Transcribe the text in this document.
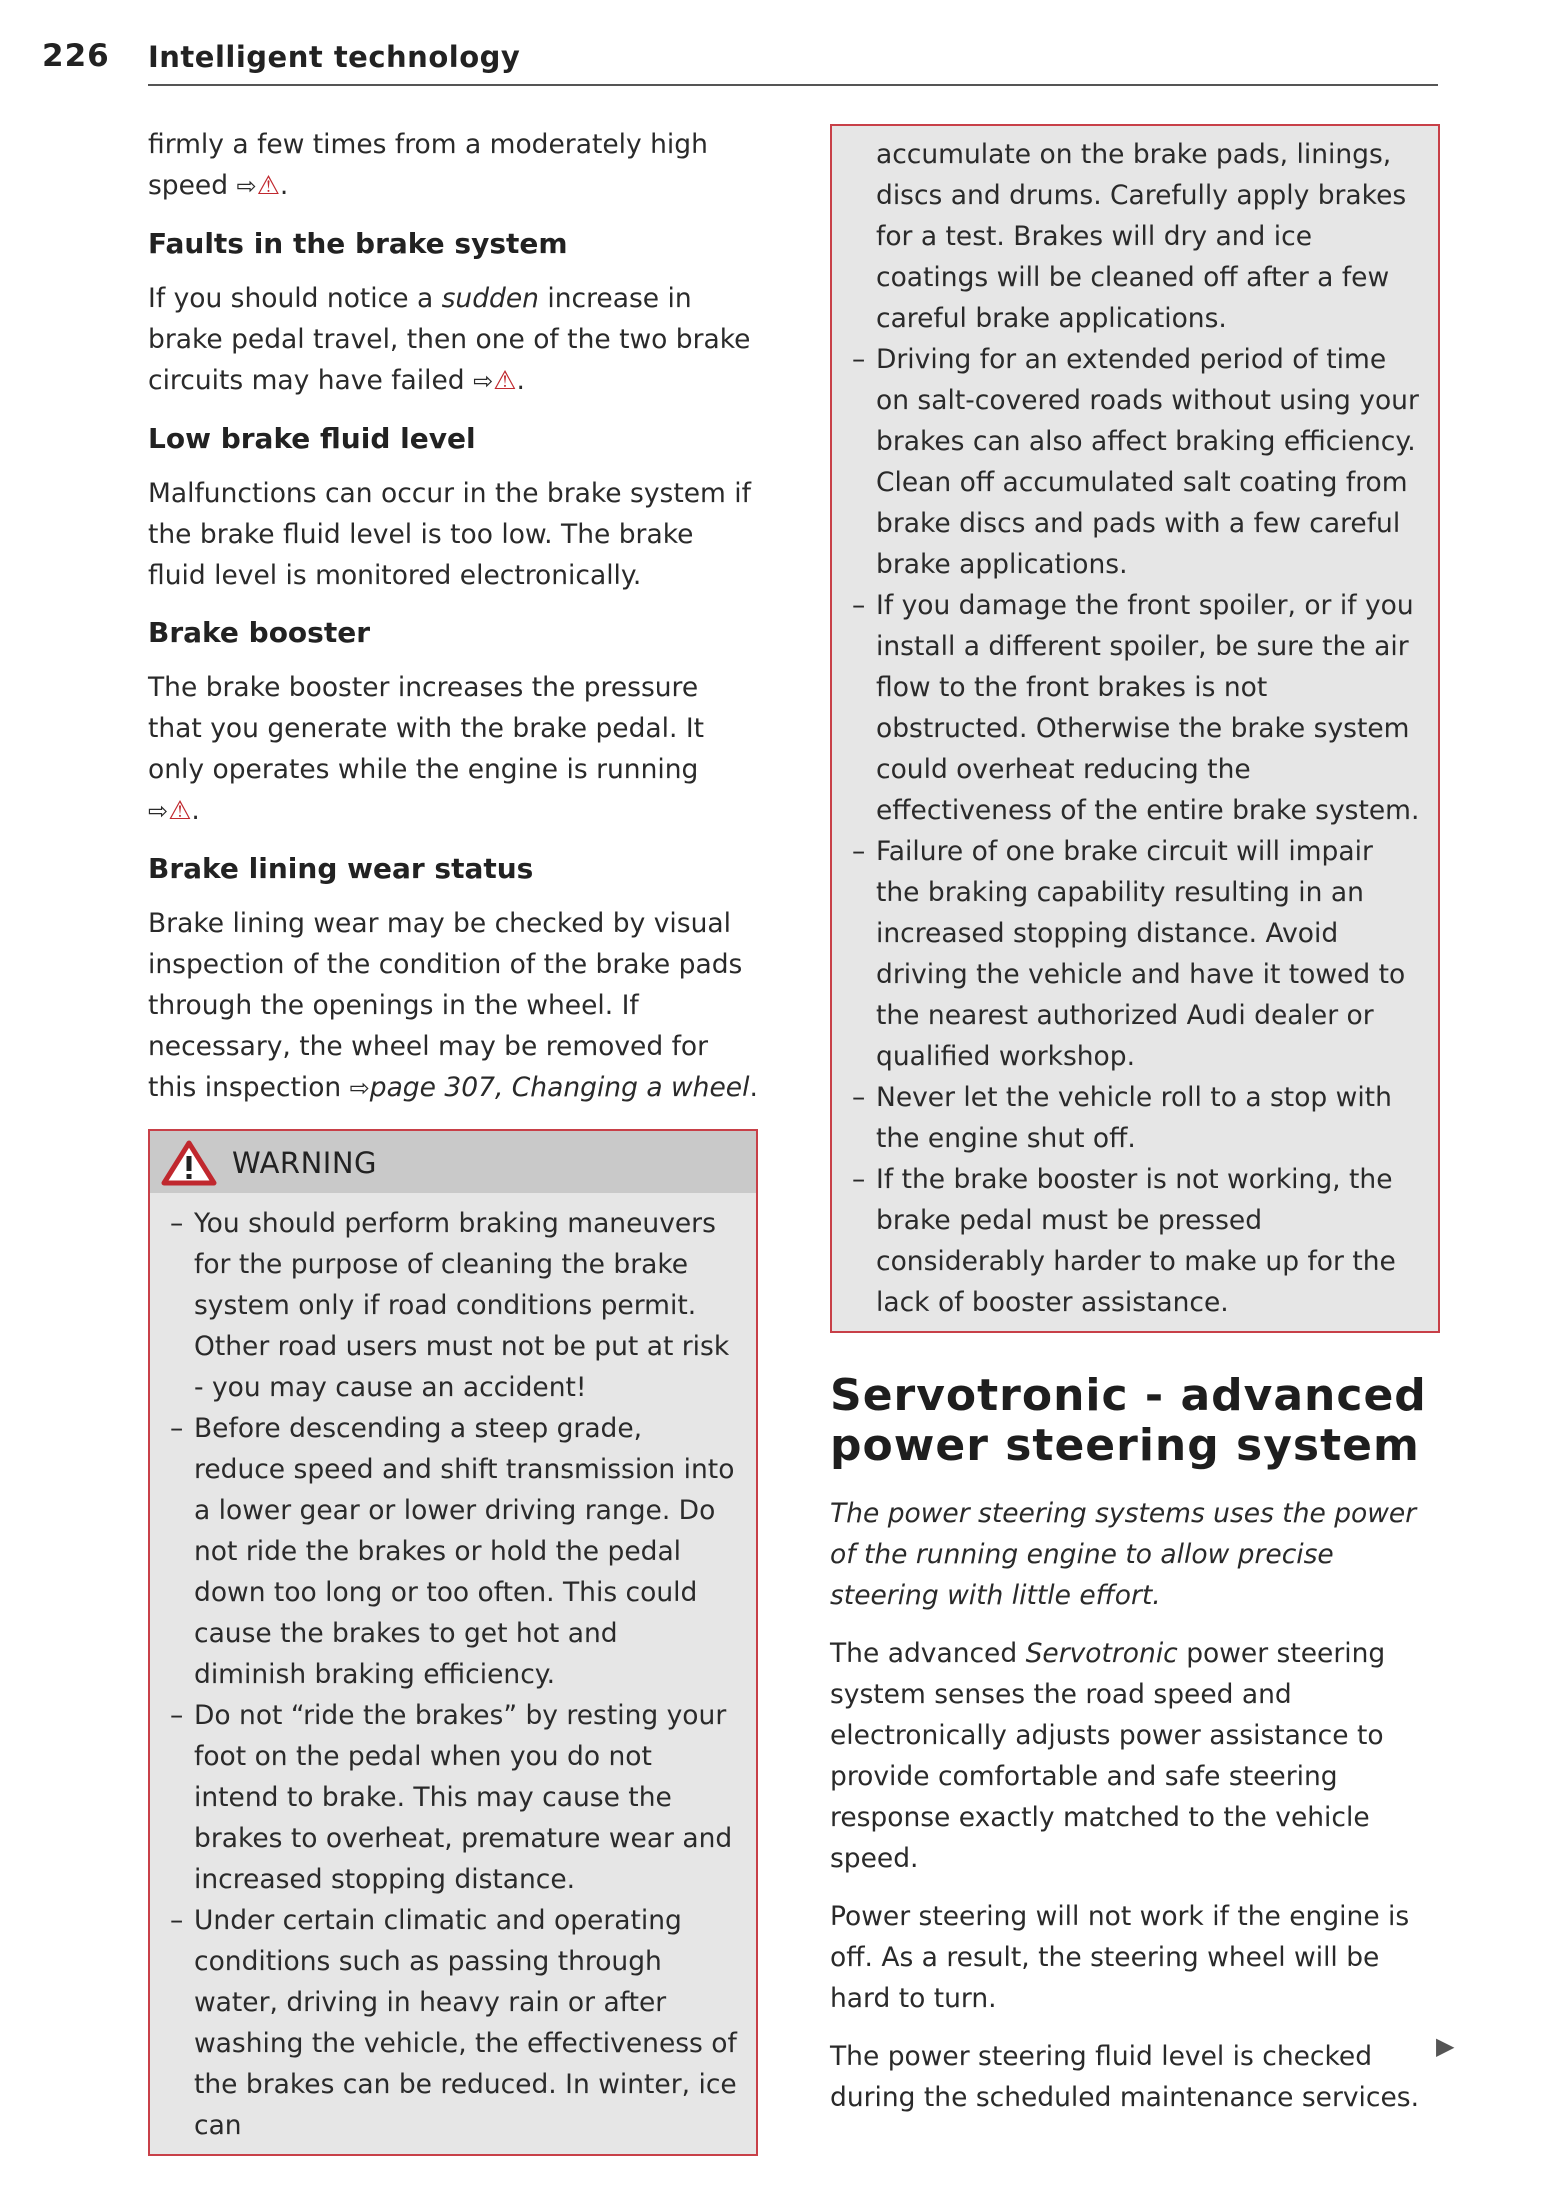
226 Intelligent technology

firmly a few times from a moderately high speed ⇨⚠.

Faults in the brake system

If you should notice a sudden increase in brake pedal travel, then one of the two brake circuits may have failed ⇨⚠.

Low brake fluid level

Malfunctions can occur in the brake system if the brake fluid level is too low. The brake fluid level is monitored electronically.

Brake booster

The brake booster increases the pressure that you generate with the brake pedal. It only operates while the engine is running ⇨⚠.

Brake lining wear status

Brake lining wear may be checked by visual inspection of the condition of the brake pads through the openings in the wheel. If necessary, the wheel may be removed for this inspection ⇨page 307, Changing a wheel.

WARNING
– You should perform braking maneuvers for the purpose of cleaning the brake system only if road conditions permit. Other road users must not be put at risk - you may cause an accident!
– Before descending a steep grade, reduce speed and shift transmission into a lower gear or lower driving range. Do not ride the brakes or hold the pedal down too long or too often. This could cause the brakes to get hot and diminish braking efficiency.
– Do not “ride the brakes” by resting your foot on the pedal when you do not intend to brake. This may cause the brakes to overheat, premature wear and increased stopping distance.
– Under certain climatic and operating conditions such as passing through water, driving in heavy rain or after washing the vehicle, the effectiveness of the brakes can be reduced. In winter, ice can
accumulate on the brake pads, linings, discs and drums. Carefully apply brakes for a test. Brakes will dry and ice coatings will be cleaned off after a few careful brake applications.
– Driving for an extended period of time on salt-covered roads without using your brakes can also affect braking efficiency. Clean off accumulated salt coating from brake discs and pads with a few careful brake applications.
– If you damage the front spoiler, or if you install a different spoiler, be sure the air flow to the front brakes is not obstructed. Otherwise the brake system could overheat reducing the effectiveness of the entire brake system.
– Failure of one brake circuit will impair the braking capability resulting in an increased stopping distance. Avoid driving the vehicle and have it towed to the nearest authorized Audi dealer or qualified workshop.
– Never let the vehicle roll to a stop with the engine shut off.
– If the brake booster is not working, the brake pedal must be pressed considerably harder to make up for the lack of booster assistance.
Servotronic - advanced power steering system

The power steering systems uses the power of the running engine to allow precise steering with little effort.

The advanced Servotronic power steering system senses the road speed and electronically adjusts power assistance to provide comfortable and safe steering response exactly matched to the vehicle speed.

Power steering will not work if the engine is off. As a result, the steering wheel will be hard to turn.

The power steering fluid level is checked during the scheduled maintenance services.

▶
